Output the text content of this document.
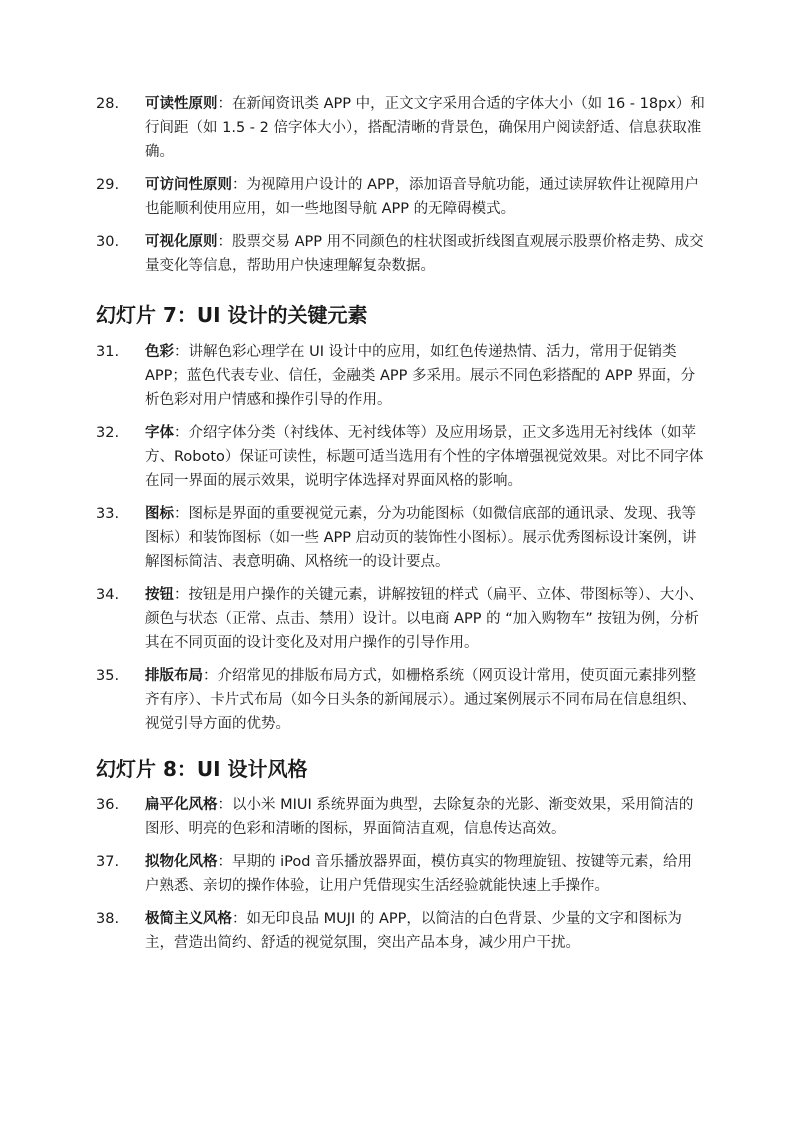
28.	可读性原则：在新闻资讯类 APP 中，正文文字采用合适的字体大小（如 16 - 18px）和行间距（如 1.5 - 2 倍字体大小），搭配清晰的背景色，确保用户阅读舒适、信息获取准确。
29.	可访问性原则：为视障用户设计的 APP，添加语音导航功能，通过读屏软件让视障用户也能顺利使用应用，如一些地图导航 APP 的无障碍模式。
30.	可视化原则：股票交易 APP 用不同颜色的柱状图或折线图直观展示股票价格走势、成交量变化等信息，帮助用户快速理解复杂数据。
幻灯片 7：UI 设计的关键元素
31.	色彩：讲解色彩心理学在 UI 设计中的应用，如红色传递热情、活力，常用于促销类 APP；蓝色代表专业、信任，金融类 APP 多采用。展示不同色彩搭配的 APP 界面，分析色彩对用户情感和操作引导的作用。
32.	字体：介绍字体分类（衬线体、无衬线体等）及应用场景，正文多选用无衬线体（如苹方、Roboto）保证可读性，标题可适当选用有个性的字体增强视觉效果。对比不同字体在同一界面的展示效果，说明字体选择对界面风格的影响。
33.	图标：图标是界面的重要视觉元素，分为功能图标（如微信底部的通讯录、发现、我等图标）和装饰图标（如一些 APP 启动页的装饰性小图标）。展示优秀图标设计案例，讲解图标简洁、表意明确、风格统一的设计要点。
34.	按钮：按钮是用户操作的关键元素，讲解按钮的样式（扁平、立体、带图标等）、大小、颜色与状态（正常、点击、禁用）设计。以电商 APP 的 “加入购物车” 按钮为例，分析其在不同页面的设计变化及对用户操作的引导作用。
35.	排版布局：介绍常见的排版布局方式，如栅格系统（网页设计常用，使页面元素排列整齐有序）、卡片式布局（如今日头条的新闻展示）。通过案例展示不同布局在信息组织、视觉引导方面的优势。
幻灯片 8：UI 设计风格
36.	扁平化风格：以小米 MIUI 系统界面为典型，去除复杂的光影、渐变效果，采用简洁的图形、明亮的色彩和清晰的图标，界面简洁直观，信息传达高效。
37.	拟物化风格：早期的 iPod 音乐播放器界面，模仿真实的物理旋钮、按键等元素，给用户熟悉、亲切的操作体验，让用户凭借现实生活经验就能快速上手操作。
38.	极简主义风格：如无印良品 MUJI 的 APP，以简洁的白色背景、少量的文字和图标为主，营造出简约、舒适的视觉氛围，突出产品本身，减少用户干扰。
